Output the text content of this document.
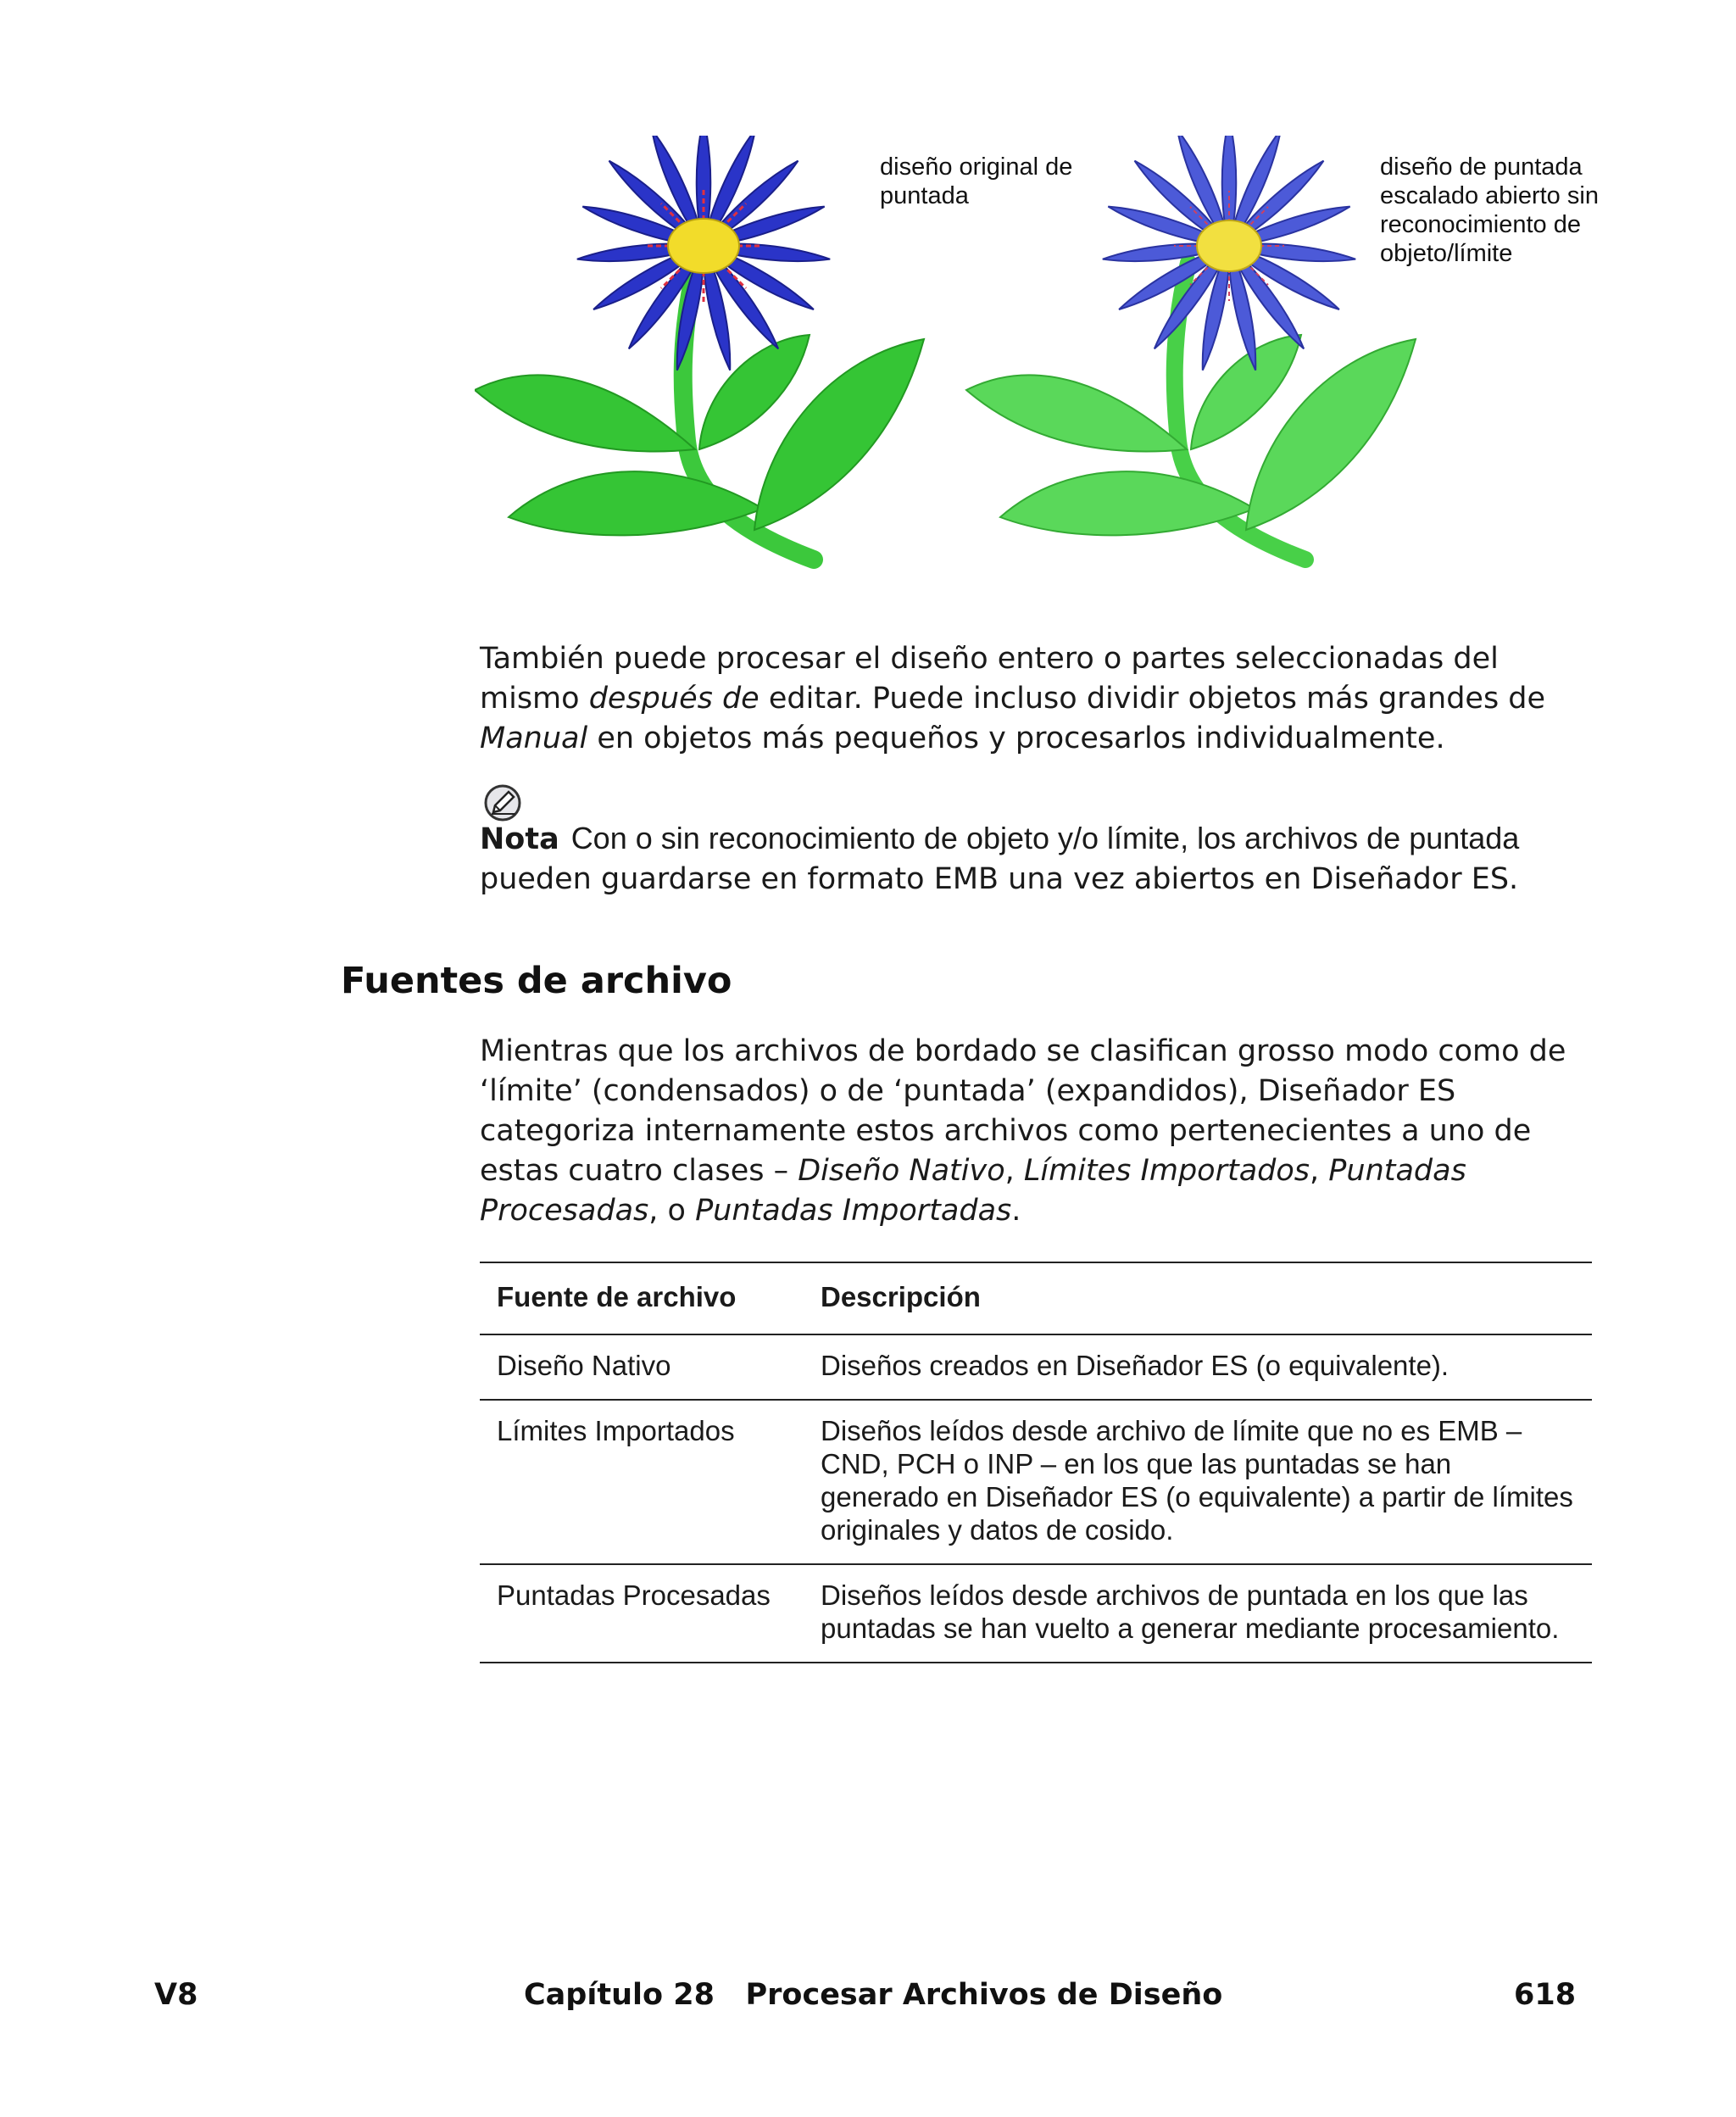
diseño original de puntada
diseño de puntada escalado abierto sin reconocimiento de objeto/límite

También puede procesar el diseño entero o partes seleccionadas del mismo después de editar. Puede incluso dividir objetos más grandes de Manual en objetos más pequeños y procesarlos individualmente.

Nota Con o sin reconocimiento de objeto y/o límite, los archivos de puntada pueden guardarse en formato EMB una vez abiertos en Diseñador ES.

Fuentes de archivo

Mientras que los archivos de bordado se clasifican grosso modo como de ‘límite’ (condensados) o de ‘puntada’ (expandidos), Diseñador ES categoriza internamente estos archivos como pertenecientes a uno de estas cuatro clases – Diseño Nativo, Límites Importados, Puntadas Procesadas, o Puntadas Importadas.

Fuente de archivo	Descripción
Diseño Nativo	Diseños creados en Diseñador ES (o equivalente).
Límites Importados	Diseños leídos desde archivo de límite que no es EMB – CND, PCH o INP – en los que las puntadas se han generado en Diseñador ES (o equivalente) a partir de límites originales y datos de cosido.
Puntadas Procesadas	Diseños leídos desde archivos de puntada en los que las puntadas se han vuelto a generar mediante procesamiento.
V8	Capítulo 28   Procesar Archivos de Diseño	618
